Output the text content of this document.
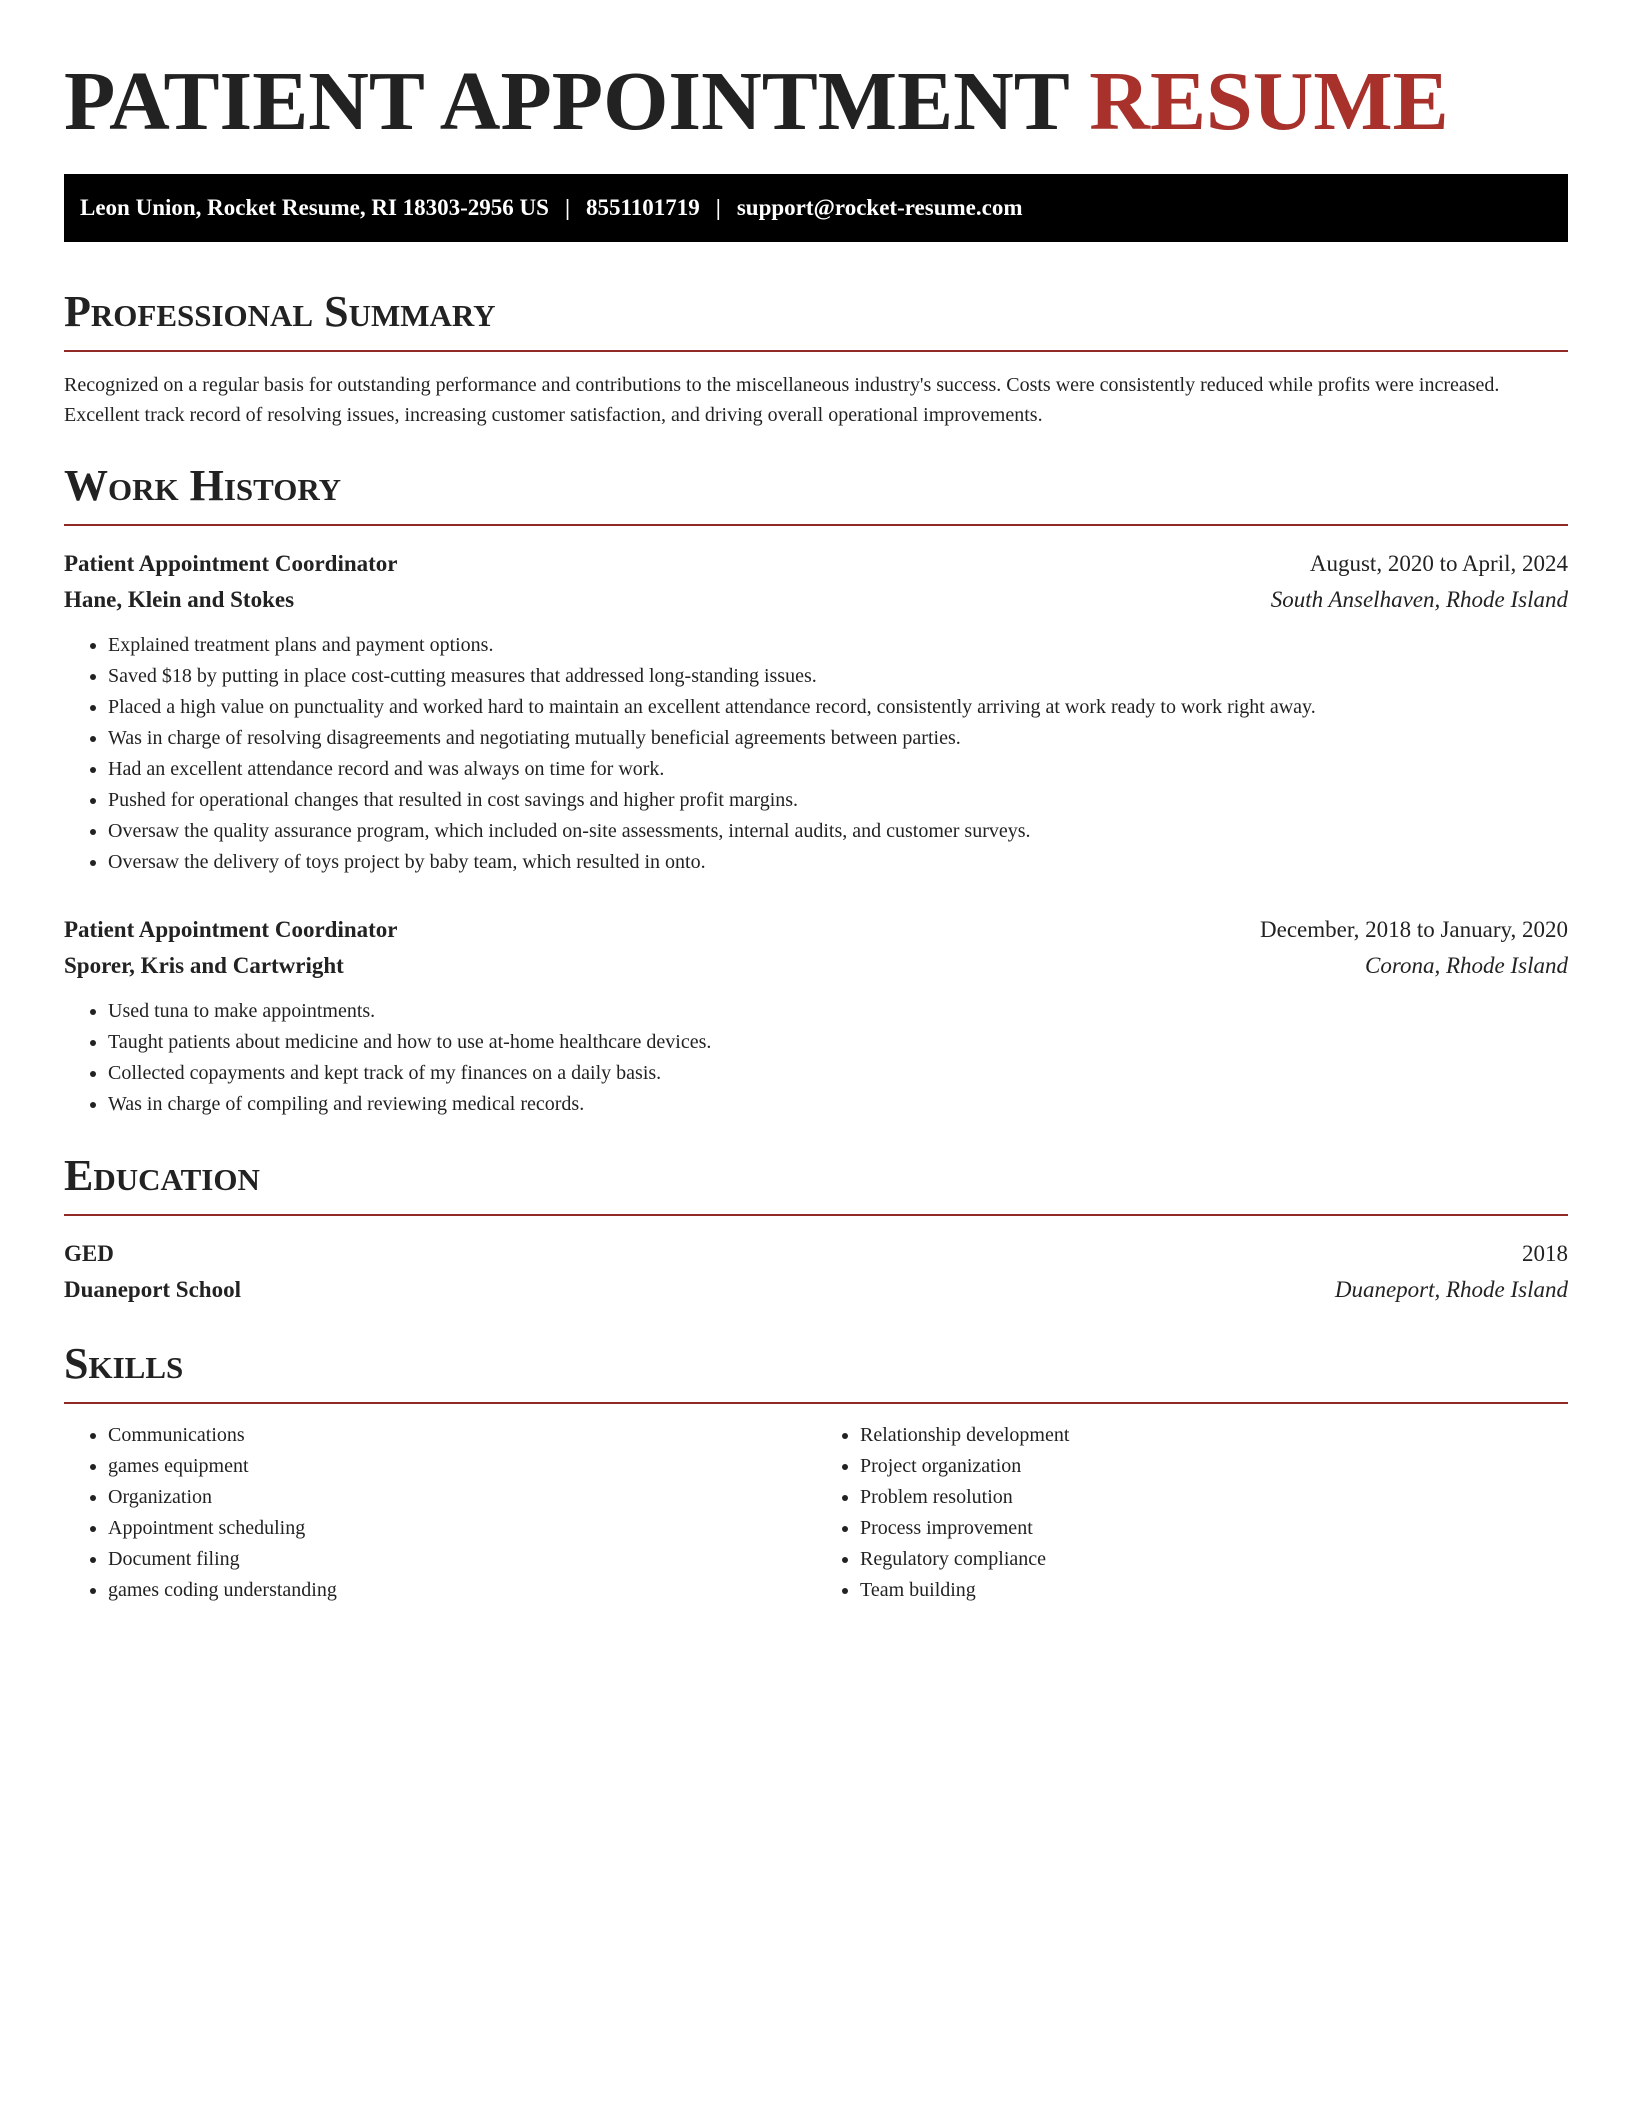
PATIENT APPOINTMENT RESUME
Leon Union, Rocket Resume, RI 18303-2956 US | 8551101719 | support@rocket-resume.com
Professional Summary

Recognized on a regular basis for outstanding performance and contributions to the miscellaneous industry's success. Costs were consistently reduced while profits were increased. Excellent track record of resolving issues, increasing customer satisfaction, and driving overall operational improvements.

Work History
Patient Appointment Coordinator	August, 2020 to April, 2024
Hane, Klein and Stokes	South Anselhaven, Rhode Island
• Explained treatment plans and payment options.
• Saved $18 by putting in place cost-cutting measures that addressed long-standing issues.
• Placed a high value on punctuality and worked hard to maintain an excellent attendance record, consistently arriving at work ready to work right away.
• Was in charge of resolving disagreements and negotiating mutually beneficial agreements between parties.
• Had an excellent attendance record and was always on time for work.
• Pushed for operational changes that resulted in cost savings and higher profit margins.
• Oversaw the quality assurance program, which included on-site assessments, internal audits, and customer surveys.
• Oversaw the delivery of toys project by baby team, which resulted in onto.
Patient Appointment Coordinator	December, 2018 to January, 2020
Sporer, Kris and Cartwright	Corona, Rhode Island
• Used tuna to make appointments.
• Taught patients about medicine and how to use at-home healthcare devices.
• Collected copayments and kept track of my finances on a daily basis.
• Was in charge of compiling and reviewing medical records.
Education
GED	2018
Duaneport School	Duaneport, Rhode Island
Skills
• Communications
• games equipment
• Organization
• Appointment scheduling
• Document filing
• games coding understanding
• Relationship development
• Project organization
• Problem resolution
• Process improvement
• Regulatory compliance
• Team building
